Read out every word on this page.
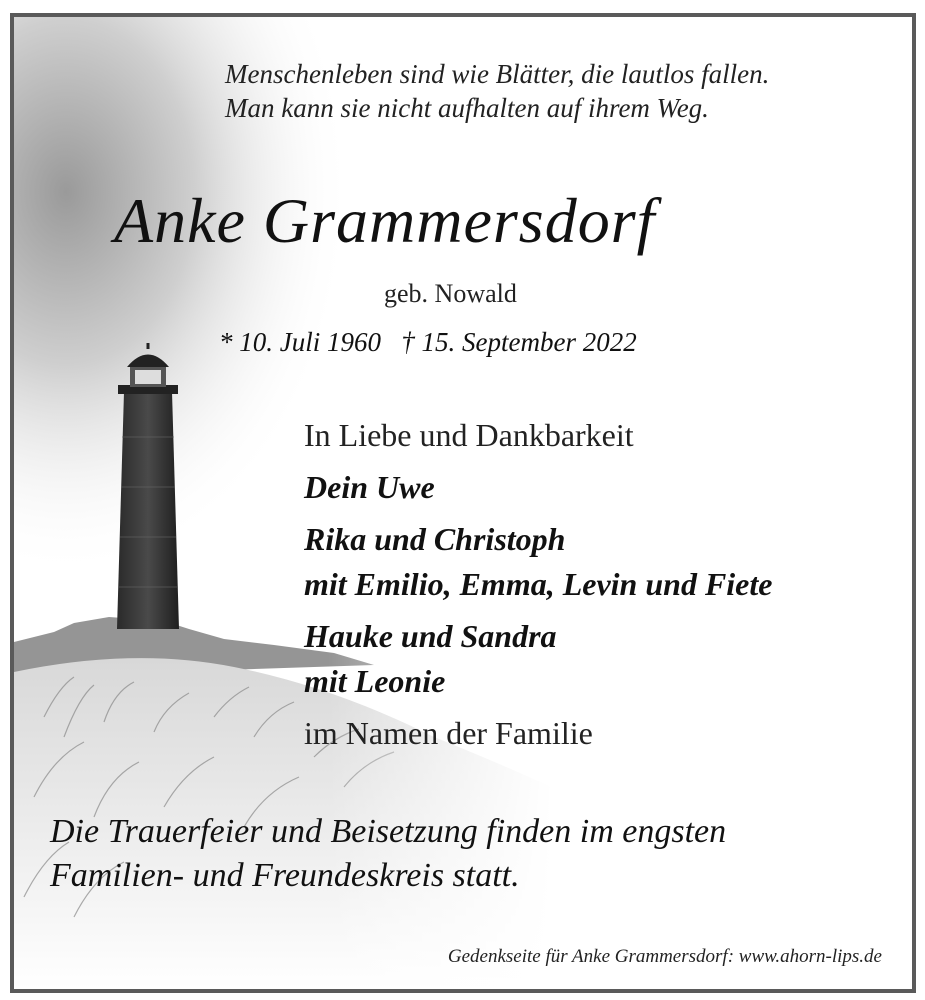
Menschenleben sind wie Blätter, die lautlos fallen.
Man kann sie nicht aufhalten auf ihrem Weg.
Anke Grammersdorf
geb. Nowald
* 10. Juli 1960   † 15. September 2022
In Liebe und Dankbarkeit
Dein Uwe
Rika und Christoph
mit Emilio, Emma, Levin und Fiete
Hauke und Sandra
mit Leonie
im Namen der Familie
Die Trauerfeier und Beisetzung finden im engsten
Familien- und Freundeskreis statt.
Gedenkseite für Anke Grammersdorf: www.ahorn-lips.de
